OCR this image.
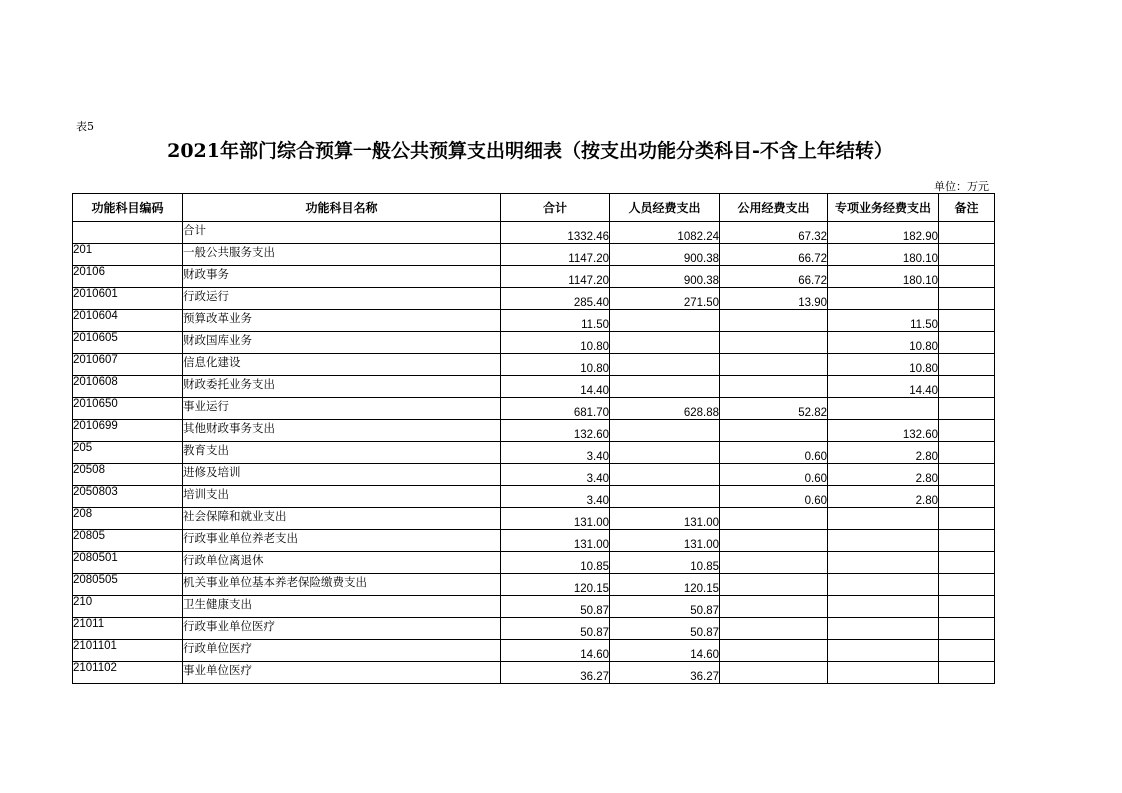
表5
2021年部门综合预算一般公共预算支出明细表（按支出功能分类科目-不含上年结转）
单位：万元
功能科目编码	功能科目名称	合计	人员经费支出	公用经费支出	专项业务经费支出	备注
	合计	1332.46	1082.24	67.32	182.90	
201	一般公共服务支出	1147.20	900.38	66.72	180.10	
20106	财政事务	1147.20	900.38	66.72	180.10	
2010601	行政运行	285.40	271.50	13.90		
2010604	预算改革业务	11.50			11.50	
2010605	财政国库业务	10.80			10.80	
2010607	信息化建设	10.80			10.80	
2010608	财政委托业务支出	14.40			14.40	
2010650	事业运行	681.70	628.88	52.82		
2010699	其他财政事务支出	132.60			132.60	
205	教育支出	3.40		0.60	2.80	
20508	进修及培训	3.40		0.60	2.80	
2050803	培训支出	3.40		0.60	2.80	
208	社会保障和就业支出	131.00	131.00			
20805	行政事业单位养老支出	131.00	131.00			
2080501	行政单位离退休	10.85	10.85			
2080505	机关事业单位基本养老保险缴费支出	120.15	120.15			
210	卫生健康支出	50.87	50.87			
21011	行政事业单位医疗	50.87	50.87			
2101101	行政单位医疗	14.60	14.60			
2101102	事业单位医疗	36.27	36.27			
